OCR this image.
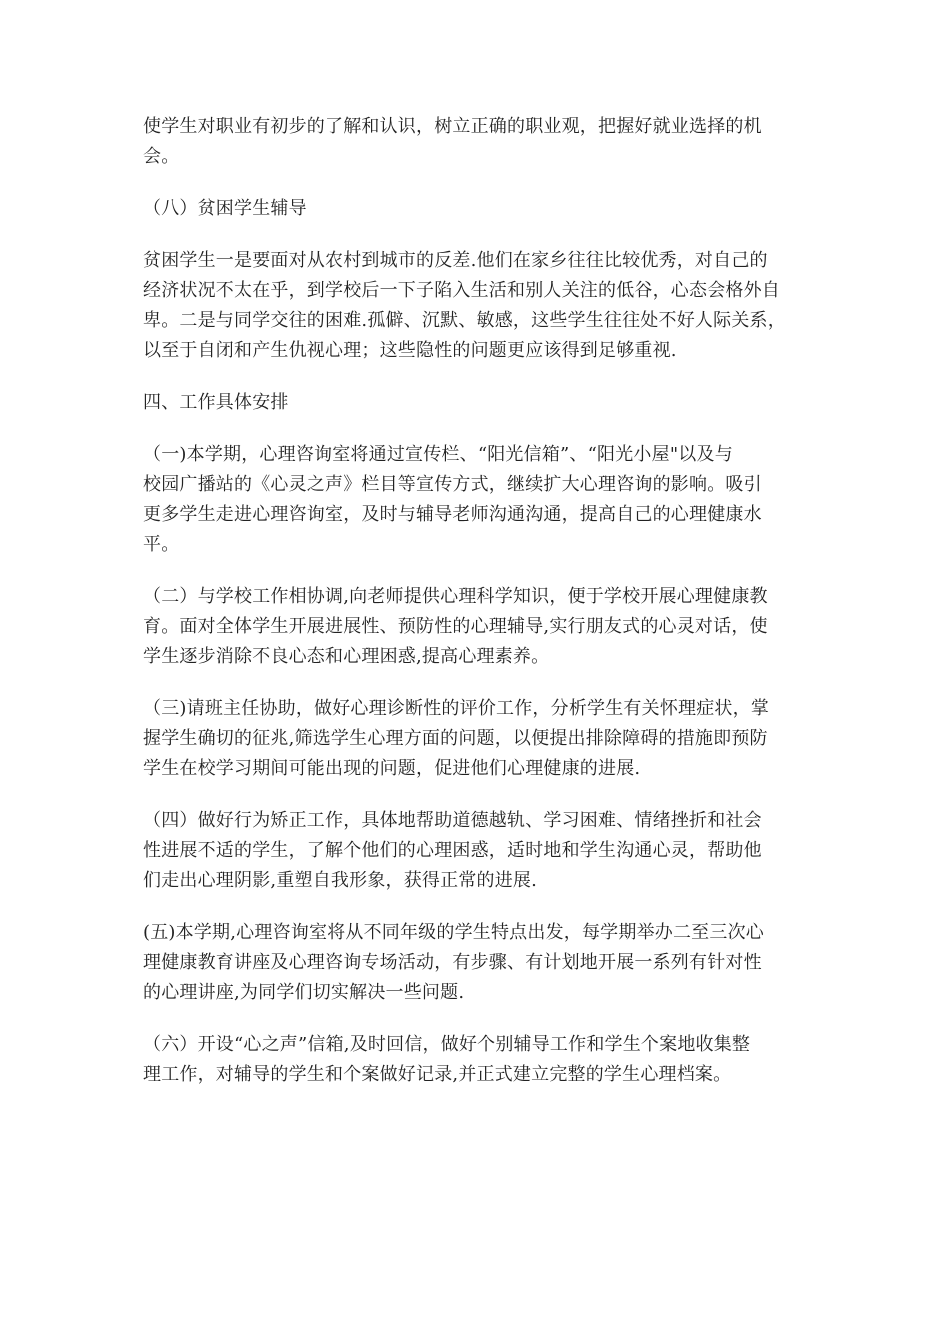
使学生对职业有初步的了解和认识，树立正确的职业观，把握好就业选择的机
会。

（八）贫困学生辅导

贫困学生一是要面对从农村到城市的反差.他们在家乡往往比较优秀，对自己的
经济状况不太在乎，到学校后一下子陷入生活和别人关注的低谷，心态会格外自
卑。二是与同学交往的困难.孤僻、沉默、敏感，这些学生往往处不好人际关系，
以至于自闭和产生仇视心理；这些隐性的问题更应该得到足够重视.

四、工作具体安排

（一)本学期，心理咨询室将通过宣传栏、“阳光信箱”、“阳光小屋"以及与
校园广播站的《心灵之声》栏目等宣传方式，继续扩大心理咨询的影响。吸引
更多学生走进心理咨询室，及时与辅导老师沟通沟通，提高自己的心理健康水
平。

（二）与学校工作相协调,向老师提供心理科学知识，便于学校开展心理健康教
育。面对全体学生开展进展性、预防性的心理辅导,实行朋友式的心灵对话，使
学生逐步消除不良心态和心理困惑,提高心理素养。

（三)请班主任协助，做好心理诊断性的评价工作，分析学生有关怀理症状，掌
握学生确切的征兆,筛选学生心理方面的问题，以便提出排除障碍的措施即预防
学生在校学习期间可能出现的问题，促进他们心理健康的进展.

（四）做好行为矫正工作，具体地帮助道德越轨、学习困难、情绪挫折和社会
性进展不适的学生，了解个他们的心理困惑，适时地和学生沟通心灵，帮助他
们走出心理阴影,重塑自我形象，获得正常的进展.

(五)本学期,心理咨询室将从不同年级的学生特点出发，每学期举办二至三次心
理健康教育讲座及心理咨询专场活动，有步骤、有计划地开展一系列有针对性
的心理讲座,为同学们切实解决一些问题.

（六）开设“心之声”信箱,及时回信，做好个别辅导工作和学生个案地收集整
理工作，对辅导的学生和个案做好记录,并正式建立完整的学生心理档案。
